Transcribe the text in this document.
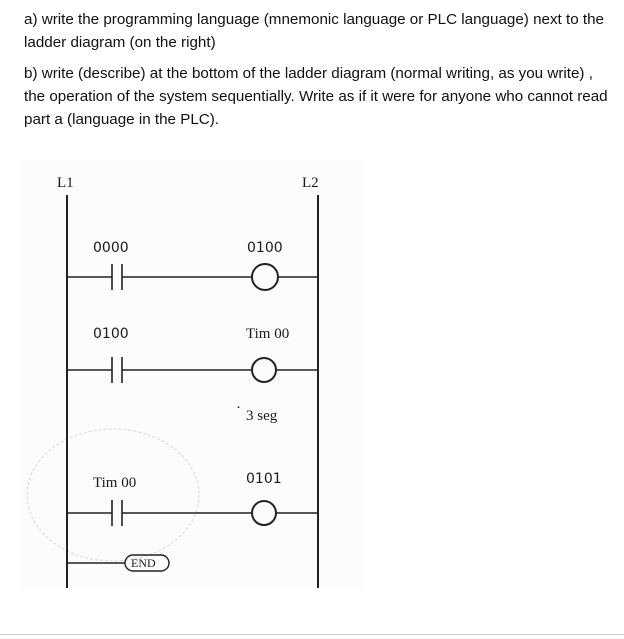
a) write the programming language (mnemonic language or PLC language) next to the ladder diagram (on the right)

b) write (describe) at the bottom of the ladder diagram (normal writing, as you write) , the operation of the system sequentially. Write as if it were for anyone who cannot read part a (language in the PLC).

L1	L2
0000	0100
0100	Tim 00
· 3 seg
Tim 00	0101
END
